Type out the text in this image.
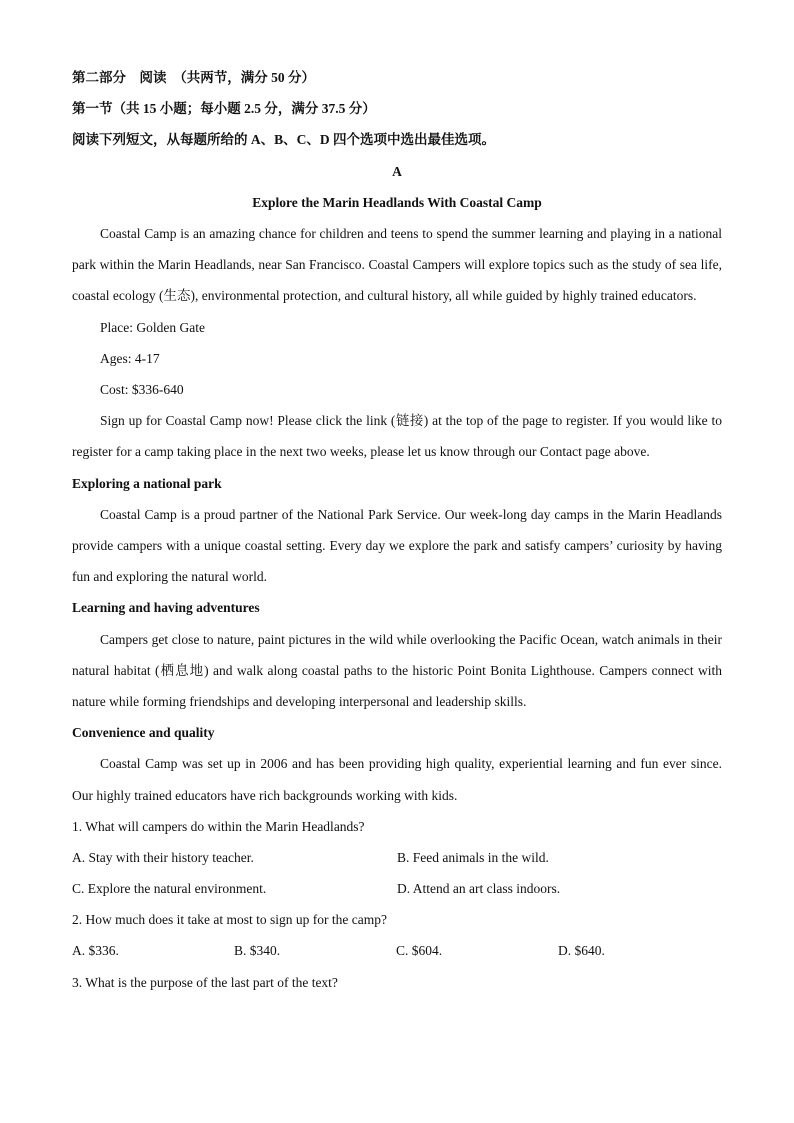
第二部分　阅读　（共两节，满分 50 分）
第一节（共 15 小题；每小题 2.5 分，满分 37.5 分）
阅读下列短文，从每题所给的 A、B、C、D 四个选项中选出最佳选项。
A
Explore the Marin Headlands With Coastal Camp

Coastal Camp is an amazing chance for children and teens to spend the summer learning and playing in a national park within the Marin Headlands, near San Francisco. Coastal Campers will explore topics such as the study of sea life, coastal ecology (生态), environmental protection, and cultural history, all while guided by highly trained educators.

Place: Golden Gate
Ages: 4-17
Cost: $336-640

Sign up for Coastal Camp now! Please click the link (链接) at the top of the page to register. If you would like to register for a camp taking place in the next two weeks, please let us know through our Contact page above.

Exploring a national park

Coastal Camp is a proud partner of the National Park Service. Our week-long day camps in the Marin Headlands provide campers with a unique coastal setting. Every day we explore the park and satisfy campers’ curiosity by having fun and exploring the natural world.

Learning and having adventures

Campers get close to nature, paint pictures in the wild while overlooking the Pacific Ocean, watch animals in their natural habitat (栖息地) and walk along coastal paths to the historic Point Bonita Lighthouse. Campers connect with nature while forming friendships and developing interpersonal and leadership skills.

Convenience and quality

Coastal Camp was set up in 2006 and has been providing high quality, experiential learning and fun ever since. Our highly trained educators have rich backgrounds working with kids.

1. What will campers do within the Marin Headlands?
A. Stay with their history teacher.	B. Feed animals in the wild.
C. Explore the natural environment.	D. Attend an art class indoors.
2. How much does it take at most to sign up for the camp?
A. $336.	B. $340.	C. $604.	D. $640.
3. What is the purpose of the last part of the text?
